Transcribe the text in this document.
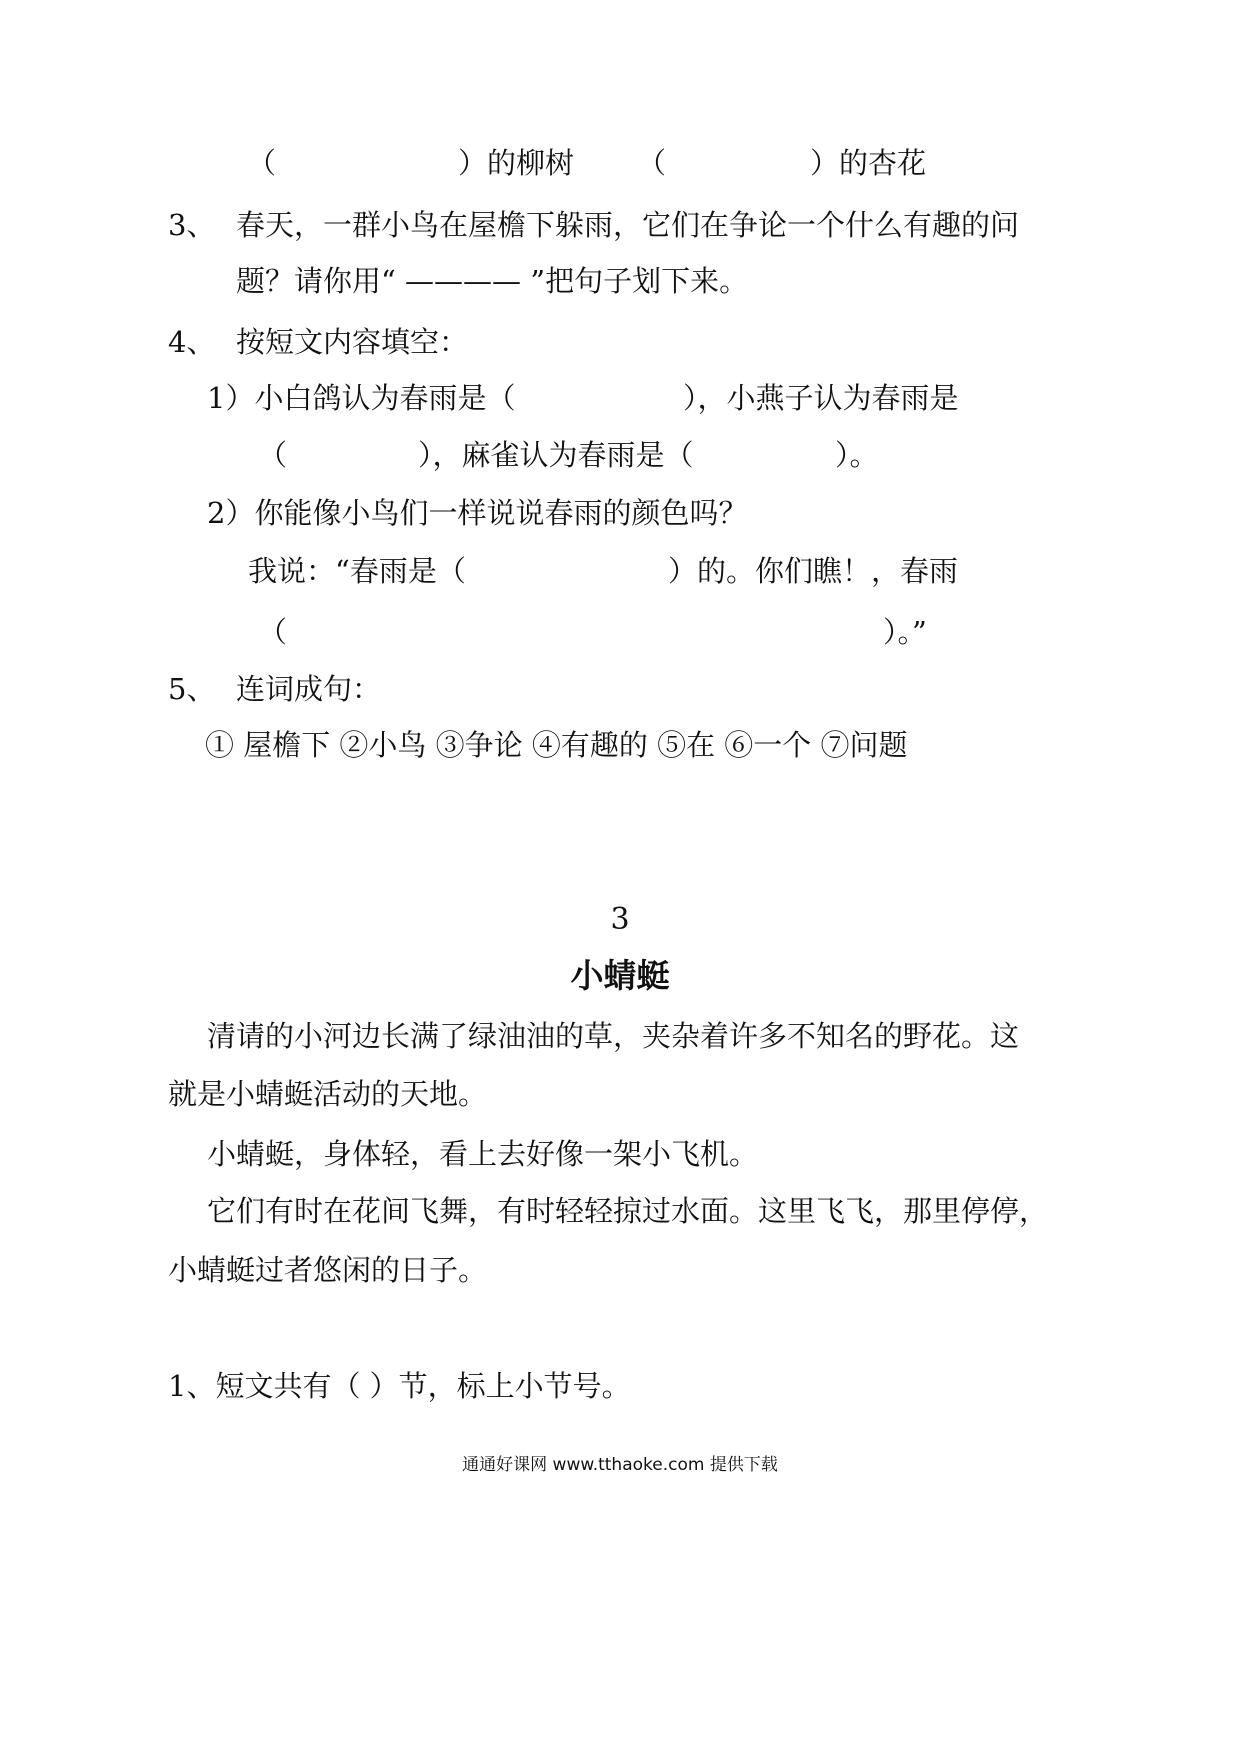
（	）的柳树 （	）的杏花
3、 春天，一群小鸟在屋檐下躲雨，它们在争论一个什么有趣的问
题？请你用“ ———— ”把句子划下来。
4、 按短文内容填空：
1）小白鸽认为春雨是（	），小燕子认为春雨是
（	），麻雀认为春雨是（	）。
2）你能像小鸟们一样说说春雨的颜色吗？
我说：“春雨是（	）的。你们瞧！，春雨
（	）。”
5、 连词成句：
① 屋檐下 ②小鸟 ③争论 ④有趣的 ⑤在 ⑥一个 ⑦问题
3
小蜻蜓
清请的小河边长满了绿油油的草，夹杂着许多不知名的野花。这
就是小蜻蜓活动的天地。
小蜻蜓，身体轻，看上去好像一架小飞机。
它们有时在花间飞舞，有时轻轻掠过水面。这里飞飞，那里停停，
小蜻蜓过者悠闲的日子。
1、短文共有（ ）节，标上小节号。
通通好课网 www.tthaoke.com 提供下载
